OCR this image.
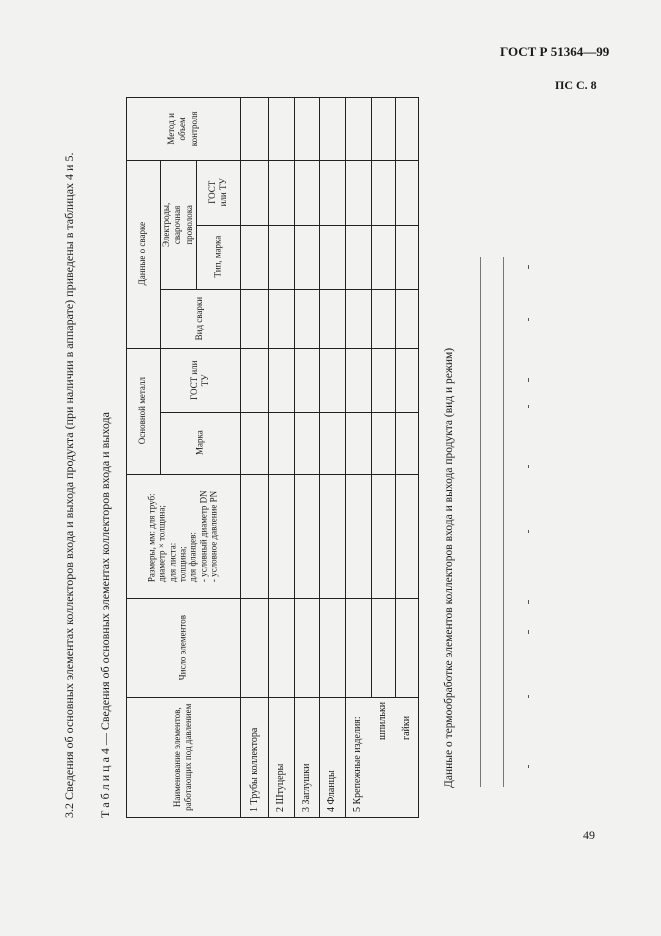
ГОСТ Р 51364—99
ПС С. 8
49
3.2 Сведения об основных элементах коллекторов входа и выхода продукта (при наличии в аппарате) приведены в таблицах 4 и 5. Т а б л и ц а 4 — Сведения об основных элементах коллекторов входа и выхода	Данные о термообработке элементов коллекторов входа и выхода продукта (вид и режим)
Наименование элементов, работающих под давлением
Число элементов
Размеры, мм: для труб: диаметр × толщина; для листа: толщина; для фланцев: - условный диаметр DN - условное давление PN
Основной металл	Марка
ГОСТ или ТУ
Вид сварки
Данные о сварке Электроды, сварочная проволока
Тип, марка
ГОСТ или ТУ
Метод и объем контроля
1 Трубы коллектора 2 Штуцеры 3 Заглушки 4 Фланцы 5 Крепежные изделия: шпильки гайки
